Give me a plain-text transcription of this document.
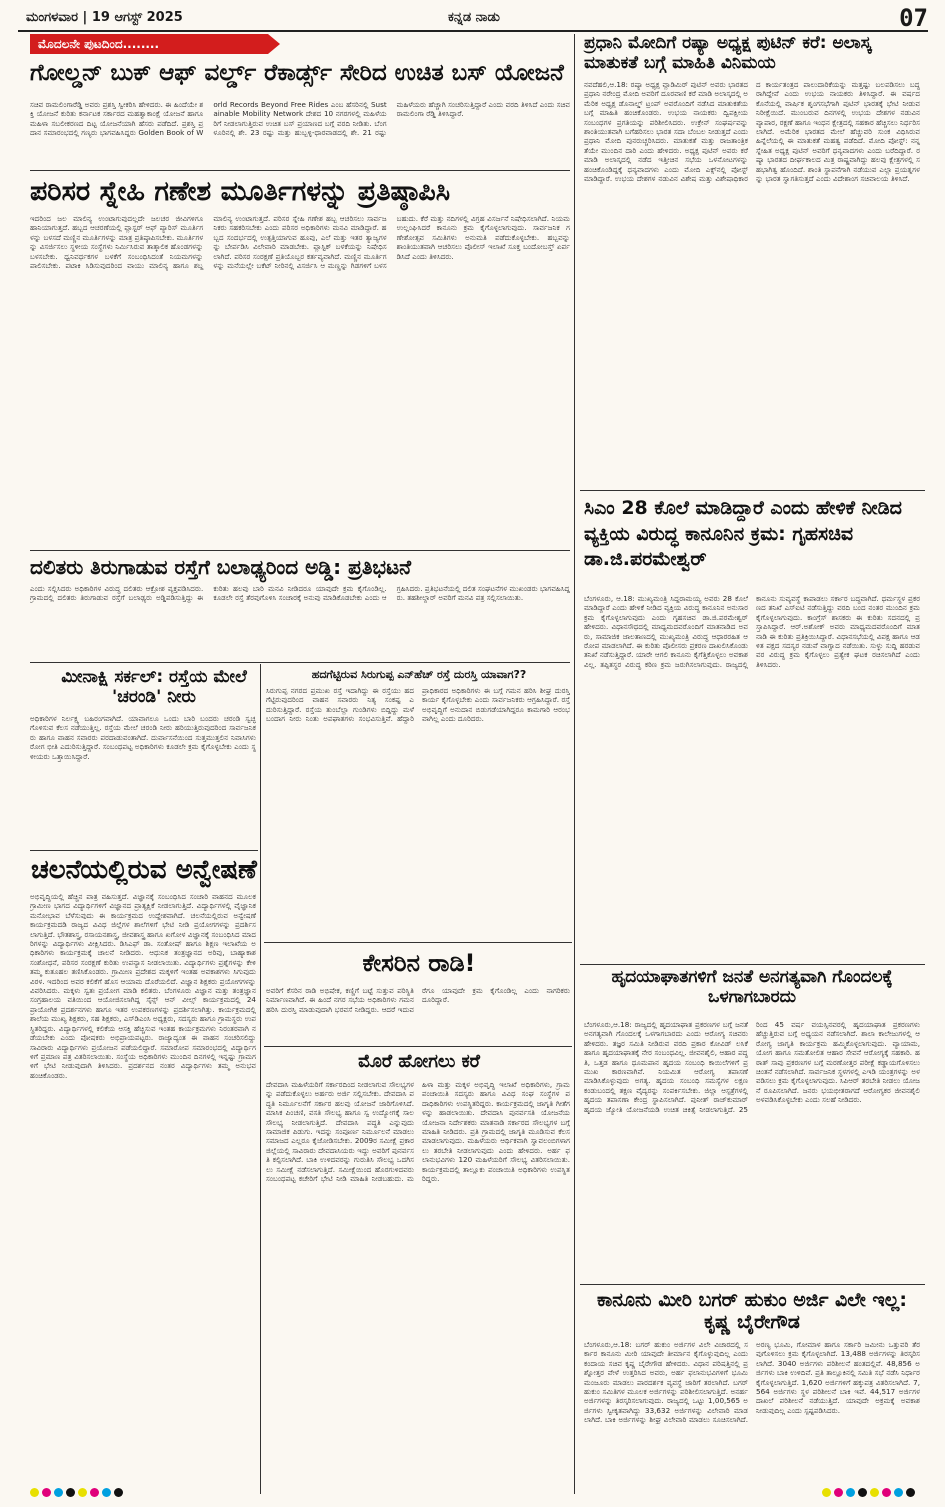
ಮಂಗಳವಾರ | 19 ಆಗಸ್ಟ್ 2025	ಕನ್ನಡ ನಾಡು	07
ಮೊದಲನೇ ಪುಟದಿಂದ........
ಗೋಲ್ಡನ್ ಬುಕ್ ಆಫ್ ವರ್ಲ್ಡ್ ರೆಕಾರ್ಡ್ಸ್ ಸೇರಿದ ಉಚಿತ ಬಸ್ ಯೋಜನೆ
ಸಚಿವ ರಾಮಲಿಂಗಾರೆಡ್ಡಿ ಅವರು ಪ್ರಶಸ್ತಿ ಸ್ವೀಕರಿಸಿ ಹೇಳಿದರು. ಈ ಹಿಂದೆಯೇ ಶಕ್ತಿ ಯೋಜನೆ ಕುರಿತು ಕರ್ನಾಟಕ ಸರ್ಕಾರದ ಮಹತ್ವಾಕಾಂಕ್ಷೆ ಯೋಜನೆ ಹಾಗೂ ಮಹಿಳಾ ಸಬಲೀಕರಣದ ದಿಟ್ಟ ಯೋಜನೆಯಾಗಿ ಹೆಸರು ಪಡೆದಿದೆ. ಪ್ರಶಸ್ತಿ ಪ್ರದಾನ ಸಮಾರಂಭದಲ್ಲಿ ಗಣ್ಯರು ಭಾಗವಹಿಸಿದ್ದರು Golden Book of World Records Beyond Free Rides ಎಂಬ ಹೆಸರಿನಲ್ಲಿ Sustainable Mobility Network ದೇಶದ 10 ನಗರಗಳಲ್ಲಿ ಮಹಿಳೆಯರಿಗೆ ನೀಡಲಾಗುತ್ತಿರುವ ಉಚಿತ ಬಸ್ ಪ್ರಯಾಣದ ಬಗ್ಗೆ ವರದಿ ನೀಡಿತು. ಬೆಂಗಳೂರಿನಲ್ಲಿ ಶೇ. 23 ರಷ್ಟು ಮತ್ತು ಹುಬ್ಬಳ್ಳಿ-ಧಾರವಾಡದಲ್ಲಿ ಶೇ. 21 ರಷ್ಟು ಮಹಿಳೆಯರು ಹೆಚ್ಚಾಗಿ ಸಂಚರಿಸುತ್ತಿದ್ದಾರೆ ಎಂದು ವರದಿ ತಿಳಿಸಿದೆ ಎಂದು ಸಚಿವ ರಾಮಲಿಂಗಾ ರೆಡ್ಡಿ ತಿಳಿಸಿದ್ದಾರೆ.
ಪರಿಸರ ಸ್ನೇಹಿ ಗಣೇಶ ಮೂರ್ತಿಗಳನ್ನು ಪ್ರತಿಷ್ಠಾಪಿಸಿ
ಇದರಿಂದ ಜಲ ಮಾಲಿನ್ಯ ಉಂಟಾಗುವುದಲ್ಲದೇ ಜಲಚರ ಜೀವಿಗಳಿಗೂ ಹಾನಿಯಾಗುತ್ತದೆ. ಹಬ್ಬದ ಆಚರಣೆಯಲ್ಲಿ ಪ್ಲಾಸ್ಟರ್ ಆಫ್ ಪ್ಯಾರಿಸ್ ಮೂರ್ತಿಗಳನ್ನು ಬಳಸದೆ ಮಣ್ಣಿನ ಮೂರ್ತಿಗಳನ್ನು ಮಾತ್ರ ಪ್ರತಿಷ್ಠಾಪಿಸಬೇಕು. ಮೂರ್ತಿಗಳನ್ನು ವಿಸರ್ಜಿಸಲು ಸ್ಥಳೀಯ ಸಂಸ್ಥೆಗಳು ನಿರ್ಮಿಸಿರುವ ತಾತ್ಕಾಲಿಕ ಹೊಂಡಗಳನ್ನು ಬಳಸಬೇಕು. ಧ್ವನಿವರ್ಧಕಗಳ ಬಳಕೆಗೆ ಸಂಬಂಧಿಸಿದಂತೆ ನಿಯಮಗಳನ್ನು ಪಾಲಿಸಬೇಕು. ಪಟಾಕಿ ಸಿಡಿಸುವುದರಿಂದ ವಾಯು ಮಾಲಿನ್ಯ ಹಾಗೂ ಶಬ್ದ ಮಾಲಿನ್ಯ ಉಂಟಾಗುತ್ತದೆ. ಪರಿಸರ ಸ್ನೇಹಿ ಗಣೇಶ ಹಬ್ಬ ಆಚರಿಸಲು ಸಾರ್ವಜನಿಕರು ಸಹಕರಿಸಬೇಕು ಎಂದು ಪರಿಸರ ಅಧಿಕಾರಿಗಳು ಮನವಿ ಮಾಡಿದ್ದಾರೆ. ಹಬ್ಬದ ಸಂದರ್ಭದಲ್ಲಿ ಉತ್ಪತ್ತಿಯಾಗುವ ಹೂವು, ಎಲೆ ಮತ್ತು ಇತರ ತ್ಯಾಜ್ಯಗಳನ್ನು ಬೇರ್ಪಡಿಸಿ ವಿಲೇವಾರಿ ಮಾಡಬೇಕು. ಪ್ಲಾಸ್ಟಿಕ್ ಬಳಕೆಯನ್ನು ನಿಷೇಧಿಸಲಾಗಿದೆ. ಪರಿಸರ ಸಂರಕ್ಷಣೆ ಪ್ರತಿಯೊಬ್ಬರ ಕರ್ತವ್ಯವಾಗಿದೆ. ಮಣ್ಣಿನ ಮೂರ್ತಿಗಳನ್ನು ಮನೆಯಲ್ಲೇ ಬಕೆಟ್ ನೀರಿನಲ್ಲಿ ವಿಸರ್ಜಿಸಿ ಆ ಮಣ್ಣನ್ನು ಗಿಡಗಳಿಗೆ ಬಳಸಬಹುದು. ಕೆರೆ ಮತ್ತು ನದಿಗಳಲ್ಲಿ ವಿಗ್ರಹ ವಿಸರ್ಜನೆ ನಿಷೇಧಿಸಲಾಗಿದೆ. ನಿಯಮ ಉಲ್ಲಂಘಿಸಿದರೆ ಕಾನೂನು ಕ್ರಮ ಕೈಗೊಳ್ಳಲಾಗುವುದು. ಸಾರ್ವಜನಿಕ ಗಣೇಶೋತ್ಸವ ಸಮಿತಿಗಳು ಅನುಮತಿ ಪಡೆದುಕೊಳ್ಳಬೇಕು. ಹಬ್ಬವನ್ನು ಶಾಂತಿಯುತವಾಗಿ ಆಚರಿಸಲು ಪೊಲೀಸ್ ಇಲಾಖೆ ಸೂಕ್ತ ಬಂದೋಬಸ್ತ್ ಏರ್ಪಡಿಸಿದೆ ಎಂದು ತಿಳಿಸಿದರು.
ದಲಿತರು ತಿರುಗಾಡುವ ರಸ್ತೆಗೆ ಬಲಾಢ್ಯರಿಂದ ಅಡ್ಡಿ: ಪ್ರತಿಭಟನೆ
ಎಂದು ಸಲ್ಲಿಸಿದರು ಅಧಿಕಾರಿಗಳ ವಿರುದ್ಧ ದಲಿತರು ಆಕ್ರೋಶ ವ್ಯಕ್ತಪಡಿಸಿದರು. ಗ್ರಾಮದಲ್ಲಿ ದಲಿತರು ತಿರುಗಾಡುವ ರಸ್ತೆಗೆ ಬಲಾಢ್ಯರು ಅಡ್ಡಿಪಡಿಸುತ್ತಿದ್ದು ಈ ಕುರಿತು ಹಲವು ಬಾರಿ ಮನವಿ ನೀಡಿದರೂ ಯಾವುದೇ ಕ್ರಮ ಕೈಗೊಂಡಿಲ್ಲ. ಕೂಡಲೇ ರಸ್ತೆ ತೆರವುಗೊಳಿಸಿ ಸಂಚಾರಕ್ಕೆ ಅನುವು ಮಾಡಿಕೊಡಬೇಕು ಎಂದು ಆಗ್ರಹಿಸಿದರು. ಪ್ರತಿಭಟನೆಯಲ್ಲಿ ದಲಿತ ಸಂಘಟನೆಗಳ ಮುಖಂಡರು ಭಾಗವಹಿಸಿದ್ದರು. ತಹಶೀಲ್ದಾರ್ ಅವರಿಗೆ ಮನವಿ ಪತ್ರ ಸಲ್ಲಿಸಲಾಯಿತು.
ಮೀನಾಕ್ಷಿ ಸರ್ಕಲ್: ರಸ್ತೆಯ ಮೇಲೆ 'ಚರಂಡಿ' ನೀರು
ಅಧಿಕಾರಿಗಳ ನಿರ್ಲಕ್ಷ್ಯ ಬಹಿರಂಗವಾಗಿದೆ. ಯಾವಾಗಲೂ ಒಂದು ಬಾರಿ ಬಂದರು ಚರಂಡಿ ಸ್ವಚ್ಛಗೊಳಿಸುವ ಕೆಲಸ ನಡೆಯುತ್ತಿಲ್ಲ. ರಸ್ತೆಯ ಮೇಲೆ ಚರಂಡಿ ನೀರು ಹರಿಯುತ್ತಿರುವುದರಿಂದ ಸಾರ್ವಜನಿಕರು ಹಾಗೂ ವಾಹನ ಸವಾರರು ಪರದಾಡುವಂತಾಗಿದೆ. ದುರ್ವಾಸನೆಯಿಂದ ಸುತ್ತಮುತ್ತಲಿನ ನಿವಾಸಿಗಳು ರೋಗ ಭೀತಿ ಎದುರಿಸುತ್ತಿದ್ದಾರೆ. ಸಂಬಂಧಪಟ್ಟ ಅಧಿಕಾರಿಗಳು ಕೂಡಲೇ ಕ್ರಮ ಕೈಗೊಳ್ಳಬೇಕು ಎಂದು ಸ್ಥಳೀಯರು ಒತ್ತಾಯಿಸಿದ್ದಾರೆ.
ಚಲನೆಯಲ್ಲಿರುವ ಅನ್ವೇಷಣೆ
ಅಭಿವೃದ್ಧಿಯಲ್ಲಿ ಹೆಚ್ಚಿನ ಪಾತ್ರ ವಹಿಸುತ್ತದೆ. ವಿಜ್ಞಾನಕ್ಕೆ ಸಂಬಂಧಿಸಿದ ಸಂಚಾರಿ ವಾಹನದ ಮೂಲಕ ಗ್ರಾಮೀಣ ಭಾಗದ ವಿದ್ಯಾರ್ಥಿಗಳಿಗೆ ವಿಜ್ಞಾನದ ಪ್ರಾತ್ಯಕ್ಷಿಕೆ ನೀಡಲಾಗುತ್ತಿದೆ. ವಿದ್ಯಾರ್ಥಿಗಳಲ್ಲಿ ವೈಜ್ಞಾನಿಕ ಮನೋಭಾವ ಬೆಳೆಸುವುದು ಈ ಕಾರ್ಯಕ್ರಮದ ಉದ್ದೇಶವಾಗಿದೆ. ಚಲನೆಯಲ್ಲಿರುವ ಅನ್ವೇಷಣೆ ಕಾರ್ಯಕ್ರಮದಡಿ ರಾಜ್ಯದ ವಿವಿಧ ಜಿಲ್ಲೆಗಳ ಶಾಲೆಗಳಿಗೆ ಭೇಟಿ ನೀಡಿ ಪ್ರಯೋಗಗಳನ್ನು ಪ್ರದರ್ಶಿಸಲಾಗುತ್ತಿದೆ. ಭೌತಶಾಸ್ತ್ರ, ರಸಾಯನಶಾಸ್ತ್ರ, ಜೀವಶಾಸ್ತ್ರ ಹಾಗೂ ಖಗೋಳ ವಿಜ್ಞಾನಕ್ಕೆ ಸಂಬಂಧಿಸಿದ ಮಾದರಿಗಳನ್ನು ವಿದ್ಯಾರ್ಥಿಗಳು ವೀಕ್ಷಿಸಿದರು. ಡಿಸಿಎಫ್ ಡಾ. ಸಂತೋಷ್ ಹಾಗೂ ಶಿಕ್ಷಣ ಇಲಾಖೆಯ ಅಧಿಕಾರಿಗಳು ಕಾರ್ಯಕ್ರಮಕ್ಕೆ ಚಾಲನೆ ನೀಡಿದರು. ಆಧುನಿಕ ತಂತ್ರಜ್ಞಾನದ ಅರಿವು, ಬಾಹ್ಯಾಕಾಶ ಸಂಶೋಧನೆ, ಪರಿಸರ ಸಂರಕ್ಷಣೆ ಕುರಿತು ಉಪನ್ಯಾಸ ನೀಡಲಾಯಿತು. ವಿದ್ಯಾರ್ಥಿಗಳು ಪ್ರಶ್ನೆಗಳನ್ನು ಕೇಳಿ ತಮ್ಮ ಕುತೂಹಲ ತಣಿಸಿಕೊಂಡರು. ಗ್ರಾಮೀಣ ಪ್ರದೇಶದ ಮಕ್ಕಳಿಗೆ ಇಂತಹ ಅವಕಾಶಗಳು ಸಿಗುವುದು ವಿರಳ. ಇದರಿಂದ ಅವರ ಕಲಿಕೆಗೆ ಹೊಸ ಆಯಾಮ ದೊರೆಯಲಿದೆ. ವಿಜ್ಞಾನ ಶಿಕ್ಷಕರು ಪ್ರಯೋಗಗಳನ್ನು ವಿವರಿಸಿದರು. ಮಕ್ಕಳು ಸ್ವತಃ ಪ್ರಯೋಗ ಮಾಡಿ ಕಲಿತರು. ಬೆಂಗಳೂರು ವಿಜ್ಞಾನ ಮತ್ತು ತಂತ್ರಜ್ಞಾನ ಸಂಗ್ರಹಾಲಯ ವತಿಯಿಂದ ಆಯೋಜಿಸಲಾಗಿದ್ದ ಸೈನ್ಸ್ ಆನ್ ವೀಲ್ಸ್ ಕಾರ್ಯಕ್ರಮದಲ್ಲಿ 24 ಪ್ರಾಯೋಗಿಕ ಪ್ರದರ್ಶನಗಳು ಹಾಗೂ ಇತರ ಉಪಕರಣಗಳನ್ನು ಪ್ರದರ್ಶಿಸಲಾಗಿತ್ತು. ಕಾರ್ಯಕ್ರಮದಲ್ಲಿ ಶಾಲೆಯ ಮುಖ್ಯ ಶಿಕ್ಷಕರು, ಸಹ ಶಿಕ್ಷಕರು, ಎಸ್‌ಡಿಎಂಸಿ ಅಧ್ಯಕ್ಷರು, ಸದಸ್ಯರು ಹಾಗೂ ಗ್ರಾಮಸ್ಥರು ಉಪಸ್ಥಿತರಿದ್ದರು. ವಿದ್ಯಾರ್ಥಿಗಳಲ್ಲಿ ಕಲಿಕೆಯ ಆಸಕ್ತಿ ಹೆಚ್ಚಿಸುವ ಇಂತಹ ಕಾರ್ಯಕ್ರಮಗಳು ನಿರಂತರವಾಗಿ ನಡೆಯಬೇಕು ಎಂದು ಪೋಷಕರು ಅಭಿಪ್ರಾಯಪಟ್ಟರು. ರಾಜ್ಯಾದ್ಯಂತ ಈ ವಾಹನ ಸಂಚರಿಸಲಿದ್ದು ಸಾವಿರಾರು ವಿದ್ಯಾರ್ಥಿಗಳು ಪ್ರಯೋಜನ ಪಡೆಯಲಿದ್ದಾರೆ. ಸಮಾರೋಪ ಸಮಾರಂಭದಲ್ಲಿ ವಿದ್ಯಾರ್ಥಿಗಳಿಗೆ ಪ್ರಮಾಣ ಪತ್ರ ವಿತರಿಸಲಾಯಿತು. ಸಂಸ್ಥೆಯ ಅಧಿಕಾರಿಗಳು ಮುಂದಿನ ದಿನಗಳಲ್ಲಿ ಇನ್ನಷ್ಟು ಗ್ರಾಮಗಳಿಗೆ ಭೇಟಿ ನೀಡುವುದಾಗಿ ತಿಳಿಸಿದರು. ಪ್ರದರ್ಶನದ ನಂತರ ವಿದ್ಯಾರ್ಥಿಗಳು ತಮ್ಮ ಅನುಭವ ಹಂಚಿಕೊಂಡರು.
ಹದಗೆಟ್ಟಿರುವ ಸಿರುಗುಪ್ಪ ಎನ್‌ಹೆಚ್ ರಸ್ತೆ ದುರಸ್ತಿ ಯಾವಾಗ??
ಸಿರುಗುಪ್ಪ ನಗರದ ಪ್ರಮುಖ ರಸ್ತೆ ಇದಾಗಿದ್ದು ಈ ರಸ್ತೆಯು ಹದಗೆಟ್ಟಿರುವುದರಿಂದ ವಾಹನ ಸವಾರರು ನಿತ್ಯ ಸಂಕಷ್ಟ ಎದುರಿಸುತ್ತಿದ್ದಾರೆ. ರಸ್ತೆಯ ತುಂಬೆಲ್ಲಾ ಗುಂಡಿಗಳು ಬಿದ್ದಿದ್ದು ಮಳೆ ಬಂದಾಗ ನೀರು ನಿಂತು ಅಪಘಾತಗಳು ಸಂಭವಿಸುತ್ತಿವೆ. ಹೆದ್ದಾರಿ ಪ್ರಾಧಿಕಾರದ ಅಧಿಕಾರಿಗಳು ಈ ಬಗ್ಗೆ ಗಮನ ಹರಿಸಿ ಶೀಘ್ರ ದುರಸ್ತಿ ಕಾರ್ಯ ಕೈಗೊಳ್ಳಬೇಕು ಎಂದು ಸಾರ್ವಜನಿಕರು ಆಗ್ರಹಿಸಿದ್ದಾರೆ. ರಸ್ತೆ ಅಭಿವೃದ್ಧಿಗೆ ಅನುದಾನ ಬಿಡುಗಡೆಯಾಗಿದ್ದರೂ ಕಾಮಗಾರಿ ಆರಂಭವಾಗಿಲ್ಲ ಎಂದು ದೂರಿದರು.
ಕೇಸರಿನ ರಾಡಿ!
ಅವರಿಗೆ ಕೆಸರಿನ ರಾಡಿ ಅಭಿಷೇಕ, ಕಣ್ಣಿಗೆ ಬಟ್ಟೆ ಸುತ್ತುವ ಪರಿಸ್ಥಿತಿ ನಿರ್ಮಾಣವಾಗಿದೆ. ಈ ಹಿಂದೆ ನಗರ ಸಭೆಯ ಅಧಿಕಾರಿಗಳು ಗಮನ ಹರಿಸಿ ದುರಸ್ತಿ ಮಾಡುವುದಾಗಿ ಭರವಸೆ ನೀಡಿದ್ದರು. ಆದರೆ ಇದುವರೆಗೂ ಯಾವುದೇ ಕ್ರಮ ಕೈಗೊಂಡಿಲ್ಲ ಎಂದು ನಾಗರಿಕರು ದೂರಿದ್ದಾರೆ.
ಮೊರೆ ಹೋಗಲು ಕರೆ
ದೇವದಾಸಿ ಮಹಿಳೆಯರಿಗೆ ಸರ್ಕಾರದಿಂದ ನೀಡಲಾಗುವ ಸೌಲಭ್ಯಗಳನ್ನು ಪಡೆದುಕೊಳ್ಳಲು ಅರ್ಹರು ಅರ್ಜಿ ಸಲ್ಲಿಸಬೇಕು. ದೇವದಾಸಿ ಪದ್ಧತಿ ನಿರ್ಮೂಲನೆಗೆ ಸರ್ಕಾರ ಹಲವು ಯೋಜನೆ ಜಾರಿಗೊಳಿಸಿದೆ. ಮಾಸಿಕ ಪಿಂಚಣಿ, ವಸತಿ ಸೌಲಭ್ಯ ಹಾಗೂ ಸ್ವ ಉದ್ಯೋಗಕ್ಕೆ ಸಾಲ ಸೌಲಭ್ಯ ನೀಡಲಾಗುತ್ತಿದೆ. ದೇವದಾಸಿ ಪದ್ಧತಿ ಎನ್ನುವುದು ಸಾಮಾಜಿಕ ಪಿಡುಗು. ಇದನ್ನು ಸಂಪೂರ್ಣ ನಿರ್ಮೂಲನೆ ಮಾಡಲು ಸಮಾಜದ ಎಲ್ಲರೂ ಕೈಜೋಡಿಸಬೇಕು. 2009ರ ಸಮೀಕ್ಷೆ ಪ್ರಕಾರ ಜಿಲ್ಲೆಯಲ್ಲಿ ಸಾವಿರಾರು ದೇವದಾಸಿಯರು ಇದ್ದು ಅವರಿಗೆ ಪುನರ್ವಸತಿ ಕಲ್ಪಿಸಲಾಗಿದೆ. ಬಾಕಿ ಉಳಿದವರನ್ನು ಗುರುತಿಸಿ ಸೌಲಭ್ಯ ಒದಗಿಸಲು ಸಮೀಕ್ಷೆ ನಡೆಸಲಾಗುತ್ತಿದೆ. ಸಮೀಕ್ಷೆಯಿಂದ ಹೊರಗುಳಿದವರು ಸಂಬಂಧಪಟ್ಟ ಕಚೇರಿಗೆ ಭೇಟಿ ನೀಡಿ ಮಾಹಿತಿ ನೀಡಬಹುದು. ಮಹಿಳಾ ಮತ್ತು ಮಕ್ಕಳ ಅಭಿವೃದ್ಧಿ ಇಲಾಖೆ ಅಧಿಕಾರಿಗಳು, ಗ್ರಾಮ ಪಂಚಾಯಿತಿ ಸದಸ್ಯರು ಹಾಗೂ ವಿವಿಧ ಸಂಘ ಸಂಸ್ಥೆಗಳ ಪದಾಧಿಕಾರಿಗಳು ಉಪಸ್ಥಿತರಿದ್ದರು. ಕಾರ್ಯಕ್ರಮದಲ್ಲಿ ಜಾಗೃತಿ ಗೀತೆಗಳನ್ನು ಹಾಡಲಾಯಿತು. ದೇವದಾಸಿ ಪುನರ್ವಸತಿ ಯೋಜನೆಯ ಯೋಜನಾ ನಿರ್ದೇಶಕರು ಮಾತನಾಡಿ ಸರ್ಕಾರದ ಸೌಲಭ್ಯಗಳ ಬಗ್ಗೆ ಮಾಹಿತಿ ನೀಡಿದರು. ಪ್ರತಿ ಗ್ರಾಮದಲ್ಲಿ ಜಾಗೃತಿ ಮೂಡಿಸುವ ಕೆಲಸ ಮಾಡಲಾಗುವುದು. ಮಹಿಳೆಯರು ಆರ್ಥಿಕವಾಗಿ ಸ್ವಾವಲಂಬಿಗಳಾಗಲು ತರಬೇತಿ ನೀಡಲಾಗುವುದು ಎಂದು ಹೇಳಿದರು. ಅರ್ಹ ಫಲಾನುಭವಿಗಳು 120 ಮಹಿಳೆಯರಿಗೆ ಸೌಲಭ್ಯ ವಿತರಿಸಲಾಯಿತು. ಕಾರ್ಯಕ್ರಮದಲ್ಲಿ ತಾಲ್ಲೂಕು ಪಂಚಾಯಿತಿ ಅಧಿಕಾರಿಗಳು ಉಪಸ್ಥಿತರಿದ್ದರು.
ಪ್ರಧಾನಿ ಮೋದಿಗೆ ರಷ್ಯಾ ಅಧ್ಯಕ್ಷ ಪುಟಿನ್ ಕರೆ: ಅಲಾಸ್ಕ ಮಾತುಕತೆ ಬಗ್ಗೆ ಮಾಹಿತಿ ವಿನಿಮಯ
ನವದೆಹಲಿ,ಆ.18: ರಷ್ಯಾ ಅಧ್ಯಕ್ಷ ವ್ಲಾಡಿಮಿರ್ ಪುಟಿನ್ ಅವರು ಭಾರತದ ಪ್ರಧಾನಿ ನರೇಂದ್ರ ಮೋದಿ ಅವರಿಗೆ ದೂರವಾಣಿ ಕರೆ ಮಾಡಿ ಅಲಾಸ್ಕದಲ್ಲಿ ಅಮೆರಿಕ ಅಧ್ಯಕ್ಷ ಡೊನಾಲ್ಡ್ ಟ್ರಂಪ್ ಅವರೊಂದಿಗೆ ನಡೆಸಿದ ಮಾತುಕತೆಯ ಬಗ್ಗೆ ಮಾಹಿತಿ ಹಂಚಿಕೊಂಡರು. ಉಭಯ ನಾಯಕರು ದ್ವಿಪಕ್ಷೀಯ ಸಂಬಂಧಗಳ ಪ್ರಗತಿಯನ್ನು ಪರಿಶೀಲಿಸಿದರು. ಉಕ್ರೇನ್ ಸಂಘರ್ಷವನ್ನು ಶಾಂತಿಯುತವಾಗಿ ಬಗೆಹರಿಸಲು ಭಾರತ ಸದಾ ಬೆಂಬಲ ನೀಡುತ್ತದೆ ಎಂದು ಪ್ರಧಾನಿ ಮೋದಿ ಪುನರುಚ್ಚರಿಸಿದರು. ಮಾತುಕತೆ ಮತ್ತು ರಾಜತಾಂತ್ರಿಕತೆಯೇ ಮುಂದಿನ ದಾರಿ ಎಂದು ಹೇಳಿದರು. ಅಧ್ಯಕ್ಷ ಪುಟಿನ್ ಅವರು ಕರೆ ಮಾಡಿ ಅಲಾಸ್ಕದಲ್ಲಿ ನಡೆದ ಇತ್ತೀಚಿನ ಸಭೆಯ ಒಳನೋಟಗಳನ್ನು ಹಂಚಿಕೊಂಡಿದ್ದಕ್ಕೆ ಧನ್ಯವಾದಗಳು ಎಂದು ಮೋದಿ ಎಕ್ಸ್‌ನಲ್ಲಿ ಪೋಸ್ಟ್ ಮಾಡಿದ್ದಾರೆ. ಉಭಯ ದೇಶಗಳ ನಡುವಿನ ವಿಶೇಷ ಮತ್ತು ವಿಶೇಷಾಧಿಕಾರದ ಕಾರ್ಯತಂತ್ರದ ಪಾಲುದಾರಿಕೆಯನ್ನು ಮತ್ತಷ್ಟು ಬಲಪಡಿಸಲು ಬದ್ಧರಾಗಿದ್ದೇವೆ ಎಂದು ಉಭಯ ನಾಯಕರು ತಿಳಿಸಿದ್ದಾರೆ. ಈ ವರ್ಷದ ಕೊನೆಯಲ್ಲಿ ವಾರ್ಷಿಕ ಶೃಂಗಸಭೆಗಾಗಿ ಪುಟಿನ್ ಭಾರತಕ್ಕೆ ಭೇಟಿ ನೀಡುವ ನಿರೀಕ್ಷೆಯಿದೆ. ಮುಂಬರುವ ದಿನಗಳಲ್ಲಿ ಉಭಯ ದೇಶಗಳ ನಡುವಿನ ವ್ಯಾಪಾರ, ರಕ್ಷಣೆ ಹಾಗೂ ಇಂಧನ ಕ್ಷೇತ್ರದಲ್ಲಿ ಸಹಕಾರ ಹೆಚ್ಚಿಸಲು ನಿರ್ಧರಿಸಲಾಗಿದೆ. ಅಮೆರಿಕ ಭಾರತದ ಮೇಲೆ ಹೆಚ್ಚುವರಿ ಸುಂಕ ವಿಧಿಸಿರುವ ಹಿನ್ನೆಲೆಯಲ್ಲಿ ಈ ಮಾತುಕತೆ ಮಹತ್ವ ಪಡೆದಿದೆ. ಮೋದಿ ಪೋಸ್ಟ್: ನನ್ನ ಸ್ನೇಹಿತ ಅಧ್ಯಕ್ಷ ಪುಟಿನ್ ಅವರಿಗೆ ಧನ್ಯವಾದಗಳು ಎಂದು ಬರೆದಿದ್ದಾರೆ. ರಷ್ಯಾ ಭಾರತದ ದೀರ್ಘಕಾಲದ ಮಿತ್ರ ರಾಷ್ಟ್ರವಾಗಿದ್ದು ಹಲವು ಕ್ಷೇತ್ರಗಳಲ್ಲಿ ಸಹಭಾಗಿತ್ವ ಹೊಂದಿದೆ. ಶಾಂತಿ ಸ್ಥಾಪನೆಗಾಗಿ ನಡೆಯುವ ಎಲ್ಲಾ ಪ್ರಯತ್ನಗಳನ್ನು ಭಾರತ ಸ್ವಾಗತಿಸುತ್ತದೆ ಎಂದು ವಿದೇಶಾಂಗ ಸಚಿವಾಲಯ ತಿಳಿಸಿದೆ.
ಸಿಎಂ 28 ಕೊಲೆ ಮಾಡಿದ್ದಾರೆ ಎಂದು ಹೇಳಿಕೆ ನೀಡಿದ ವ್ಯಕ್ತಿಯ ವಿರುದ್ಧ ಕಾನೂನಿನ ಕ್ರಮ: ಗೃಹಸಚಿವ ಡಾ.ಜಿ.ಪರಮೇಶ್ವರ್
ಬೆಂಗಳೂರು, ಆ.18: ಮುಖ್ಯಮಂತ್ರಿ ಸಿದ್ದರಾಮಯ್ಯ ಅವರು 28 ಕೊಲೆ ಮಾಡಿದ್ದಾರೆ ಎಂದು ಹೇಳಿಕೆ ನೀಡಿದ ವ್ಯಕ್ತಿಯ ವಿರುದ್ಧ ಕಾನೂನಿನ ಅನುಸಾರ ಕ್ರಮ ಕೈಗೊಳ್ಳಲಾಗುವುದು ಎಂದು ಗೃಹಸಚಿವ ಡಾ.ಜಿ.ಪರಮೇಶ್ವರ್ ಹೇಳಿದರು. ವಿಧಾನಸೌಧದಲ್ಲಿ ಮಾಧ್ಯಮದವರೊಂದಿಗೆ ಮಾತನಾಡಿದ ಅವರು, ಸಾಮಾಜಿಕ ಜಾಲತಾಣದಲ್ಲಿ ಮುಖ್ಯಮಂತ್ರಿ ವಿರುದ್ಧ ಆಧಾರರಹಿತ ಆರೋಪ ಮಾಡಲಾಗಿದೆ. ಈ ಕುರಿತು ಪೊಲೀಸರು ಪ್ರಕರಣ ದಾಖಲಿಸಿಕೊಂಡು ತನಿಖೆ ನಡೆಸುತ್ತಿದ್ದಾರೆ. ಯಾರೇ ಆಗಲಿ ಕಾನೂನು ಕೈಗೆತ್ತಿಕೊಳ್ಳಲು ಅವಕಾಶವಿಲ್ಲ. ತಪ್ಪಿತಸ್ಥರ ವಿರುದ್ಧ ಕಠಿಣ ಕ್ರಮ ಜರುಗಿಸಲಾಗುವುದು. ರಾಜ್ಯದಲ್ಲಿ ಕಾನೂನು ಸುವ್ಯವಸ್ಥೆ ಕಾಪಾಡಲು ಸರ್ಕಾರ ಬದ್ಧವಾಗಿದೆ. ಧರ್ಮಸ್ಥಳ ಪ್ರಕರಣದ ತನಿಖೆ ಎಸ್‌ಐಟಿ ನಡೆಸುತ್ತಿದ್ದು ವರದಿ ಬಂದ ನಂತರ ಮುಂದಿನ ಕ್ರಮ ಕೈಗೊಳ್ಳಲಾಗುವುದು. ಕಾಂಗ್ರೆಸ್ ಶಾಸಕರು ಈ ಕುರಿತು ಸದನದಲ್ಲಿ ಪ್ರಸ್ತಾಪಿಸಿದ್ದಾರೆ. ಆರ್.ಅಶೋಕ್ ಅವರು ಮಾಧ್ಯಮದವರೊಂದಿಗೆ ಮಾತನಾಡಿ ಈ ಕುರಿತು ಪ್ರತಿಕ್ರಿಯಿಸಿದ್ದಾರೆ. ವಿಧಾನಸಭೆಯಲ್ಲಿ ವಿಪಕ್ಷ ಹಾಗೂ ಆಡಳಿತ ಪಕ್ಷದ ಸದಸ್ಯರ ನಡುವೆ ವಾಗ್ವಾದ ನಡೆಯಿತು. ಸುಳ್ಳು ಸುದ್ದಿ ಹರಡುವವರ ವಿರುದ್ಧ ಕ್ರಮ ಕೈಗೊಳ್ಳಲು ಪ್ರತ್ಯೇಕ ಘಟಕ ರಚಿಸಲಾಗಿದೆ ಎಂದು ತಿಳಿಸಿದರು.
ಹೃದಯಾಘಾತಗಳಿಗೆ ಜನತೆ ಅನಗತ್ಯವಾಗಿ ಗೊಂದಲಕ್ಕೆ ಒಳಗಾಗಬಾರದು
ಬೆಂಗಳೂರು,ಆ.18: ರಾಜ್ಯದಲ್ಲಿ ಹೃದಯಾಘಾತ ಪ್ರಕರಣಗಳ ಬಗ್ಗೆ ಜನತೆ ಅನಗತ್ಯವಾಗಿ ಗೊಂದಲಕ್ಕೆ ಒಳಗಾಗಬಾರದು ಎಂದು ಆರೋಗ್ಯ ಸಚಿವರು ಹೇಳಿದರು. ತಜ್ಞರ ಸಮಿತಿ ನೀಡಿರುವ ವರದಿ ಪ್ರಕಾರ ಕೋವಿಡ್ ಲಸಿಕೆ ಹಾಗೂ ಹೃದಯಾಘಾತಕ್ಕೆ ನೇರ ಸಂಬಂಧವಿಲ್ಲ. ಜೀವನಶೈಲಿ, ಆಹಾರ ಪದ್ಧತಿ, ಒತ್ತಡ ಹಾಗೂ ಧೂಮಪಾನ ಹೃದಯ ಸಂಬಂಧಿ ಕಾಯಿಲೆಗಳಿಗೆ ಪ್ರಮುಖ ಕಾರಣವಾಗಿವೆ. ನಿಯಮಿತ ಆರೋಗ್ಯ ತಪಾಸಣೆ ಮಾಡಿಸಿಕೊಳ್ಳುವುದು ಅಗತ್ಯ. ಹೃದಯ ಸಂಬಂಧಿ ಸಮಸ್ಯೆಗಳ ಲಕ್ಷಣ ಕಂಡುಬಂದಲ್ಲಿ ತಕ್ಷಣ ವೈದ್ಯರನ್ನು ಸಂಪರ್ಕಿಸಬೇಕು. ಜಿಲ್ಲಾ ಆಸ್ಪತ್ರೆಗಳಲ್ಲಿ ಹೃದಯ ತಪಾಸಣಾ ಕೇಂದ್ರ ಸ್ಥಾಪಿಸಲಾಗಿದೆ. ಪುನೀತ್ ರಾಜ್‌ಕುಮಾರ್ ಹೃದಯ ಜ್ಯೋತಿ ಯೋಜನೆಯಡಿ ಉಚಿತ ಚಿಕಿತ್ಸೆ ನೀಡಲಾಗುತ್ತಿದೆ. 25 ರಿಂದ 45 ವರ್ಷ ವಯಸ್ಸಿನವರಲ್ಲಿ ಹೃದಯಾಘಾತ ಪ್ರಕರಣಗಳು ಹೆಚ್ಚುತ್ತಿರುವ ಬಗ್ಗೆ ಅಧ್ಯಯನ ನಡೆಸಲಾಗಿದೆ. ಶಾಲಾ ಕಾಲೇಜುಗಳಲ್ಲಿ ಆರೋಗ್ಯ ಜಾಗೃತಿ ಕಾರ್ಯಕ್ರಮ ಹಮ್ಮಿಕೊಳ್ಳಲಾಗುವುದು. ವ್ಯಾಯಾಮ, ಯೋಗ ಹಾಗೂ ಸಮತೋಲಿತ ಆಹಾರ ಸೇವನೆ ಆರೋಗ್ಯಕ್ಕೆ ಸಹಕಾರಿ. ಹಠಾತ್ ಸಾವು ಪ್ರಕರಣಗಳ ಬಗ್ಗೆ ಮರಣೋತ್ತರ ಪರೀಕ್ಷೆ ಕಡ್ಡಾಯಗೊಳಿಸಲು ಚಿಂತನೆ ನಡೆಸಲಾಗಿದೆ. ಸಾರ್ವಜನಿಕ ಸ್ಥಳಗಳಲ್ಲಿ ಎಇಡಿ ಯಂತ್ರಗಳನ್ನು ಅಳವಡಿಸಲು ಕ್ರಮ ಕೈಗೊಳ್ಳಲಾಗುವುದು. ಸಿಪಿಆರ್ ತರಬೇತಿ ನೀಡಲು ಯೋಜನೆ ರೂಪಿಸಲಾಗಿದೆ. ಜನರು ಭಯಭೀತರಾಗದೆ ಆರೋಗ್ಯಕರ ಜೀವನಶೈಲಿ ಅಳವಡಿಸಿಕೊಳ್ಳಬೇಕು ಎಂದು ಸಲಹೆ ನೀಡಿದರು.
ಕಾನೂನು ಮೀರಿ ಬಗರ್ ಹುಕುಂ ಅರ್ಜಿ ವಿಲೇ ಇಲ್ಲ: ಕೃಷ್ಣ ಬೈರೇಗೌಡ
ಬೆಂಗಳೂರು,ಆ.18: ಬಗರ್ ಹುಕುಂ ಅರ್ಜಿಗಳ ವಿಲೇ ವಿಚಾರದಲ್ಲಿ ಸರ್ಕಾರ ಕಾನೂನು ಮೀರಿ ಯಾವುದೇ ತೀರ್ಮಾನ ಕೈಗೊಳ್ಳುವುದಿಲ್ಲ ಎಂದು ಕಂದಾಯ ಸಚಿವ ಕೃಷ್ಣ ಬೈರೇಗೌಡ ಹೇಳಿದರು. ವಿಧಾನ ಪರಿಷತ್ತಿನಲ್ಲಿ ಪ್ರಶ್ನೋತ್ತರ ವೇಳೆ ಉತ್ತರಿಸಿದ ಅವರು, ಅರ್ಹ ಫಲಾನುಭವಿಗಳಿಗೆ ಭೂಮಿ ಮಂಜೂರು ಮಾಡಲು ಪಾರದರ್ಶಕ ವ್ಯವಸ್ಥೆ ಜಾರಿಗೆ ತರಲಾಗಿದೆ. ಬಗರ್ ಹುಕುಂ ಸಮಿತಿಗಳ ಮೂಲಕ ಅರ್ಜಿಗಳನ್ನು ಪರಿಶೀಲಿಸಲಾಗುತ್ತಿದೆ. ಅನರ್ಹ ಅರ್ಜಿಗಳನ್ನು ತಿರಸ್ಕರಿಸಲಾಗುವುದು. ರಾಜ್ಯದಲ್ಲಿ ಒಟ್ಟು 1,00,565 ಅರ್ಜಿಗಳು ಸ್ವೀಕೃತವಾಗಿದ್ದು 33,632 ಅರ್ಜಿಗಳನ್ನು ವಿಲೇವಾರಿ ಮಾಡಲಾಗಿದೆ. ಬಾಕಿ ಅರ್ಜಿಗಳನ್ನು ಶೀಘ್ರ ವಿಲೇವಾರಿ ಮಾಡಲು ಸೂಚಿಸಲಾಗಿದೆ. ಅರಣ್ಯ ಭೂಮಿ, ಗೋಮಾಳ ಹಾಗೂ ಸರ್ಕಾರಿ ಜಮೀನು ಒತ್ತುವರಿ ತೆರವುಗೊಳಿಸಲು ಕ್ರಮ ಕೈಗೊಳ್ಳಲಾಗಿದೆ. 13,488 ಅರ್ಜಿಗಳನ್ನು ತಿರಸ್ಕರಿಸಲಾಗಿದೆ. 3040 ಅರ್ಜಿಗಳು ಪರಿಶೀಲನೆ ಹಂತದಲ್ಲಿವೆ. 48,856 ಅರ್ಜಿಗಳು ಬಾಕಿ ಉಳಿದಿವೆ. ಪ್ರತಿ ತಾಲ್ಲೂಕಿನಲ್ಲಿ ಸಮಿತಿ ಸಭೆ ನಡೆಸಿ ನಿರ್ಧಾರ ಕೈಗೊಳ್ಳಲಾಗುತ್ತಿದೆ. 1,620 ಅರ್ಜಿಗಳಿಗೆ ಹಕ್ಕುಪತ್ರ ವಿತರಿಸಲಾಗಿದೆ. 7,564 ಅರ್ಜಿಗಳು ಸ್ಥಳ ಪರಿಶೀಲನೆ ಬಾಕಿ ಇವೆ. 44,517 ಅರ್ಜಿಗಳ ದಾಖಲೆ ಪರಿಶೀಲನೆ ನಡೆಯುತ್ತಿದೆ. ಯಾವುದೇ ಅಕ್ರಮಕ್ಕೆ ಅವಕಾಶ ನೀಡುವುದಿಲ್ಲ ಎಂದು ಸ್ಪಷ್ಟಪಡಿಸಿದರು.
